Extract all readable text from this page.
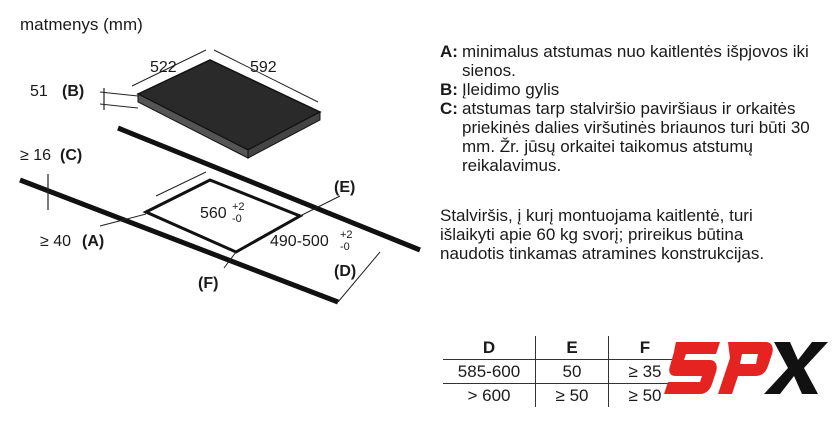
matmenys (mm)
522	592
51 (B)
≥ 16 (C)
560 +2
-0
490-500 +2
-0
≥ 40 (A)
(E)
(D)
(F)
A: minimalus atstumas nuo kaitlentės išpjovos iki sienos.
B: Įleidimo gylis
C: atstumas tarp stalviršio paviršiaus ir orkaitės priekinės dalies viršutinės briaunos turi būti 30 mm. Žr. jūsų orkaitei taikomus atstumų reikalavimus.
Stalviršis, į kurį montuojama kaitlentė, turi išlaikyti apie 60 kg svorį; prireikus būtina naudotis tinkamas atramines konstrukcijas.
D	E	F
585-600	50	≥ 35
> 600	≥ 50	≥ 50
SPX
